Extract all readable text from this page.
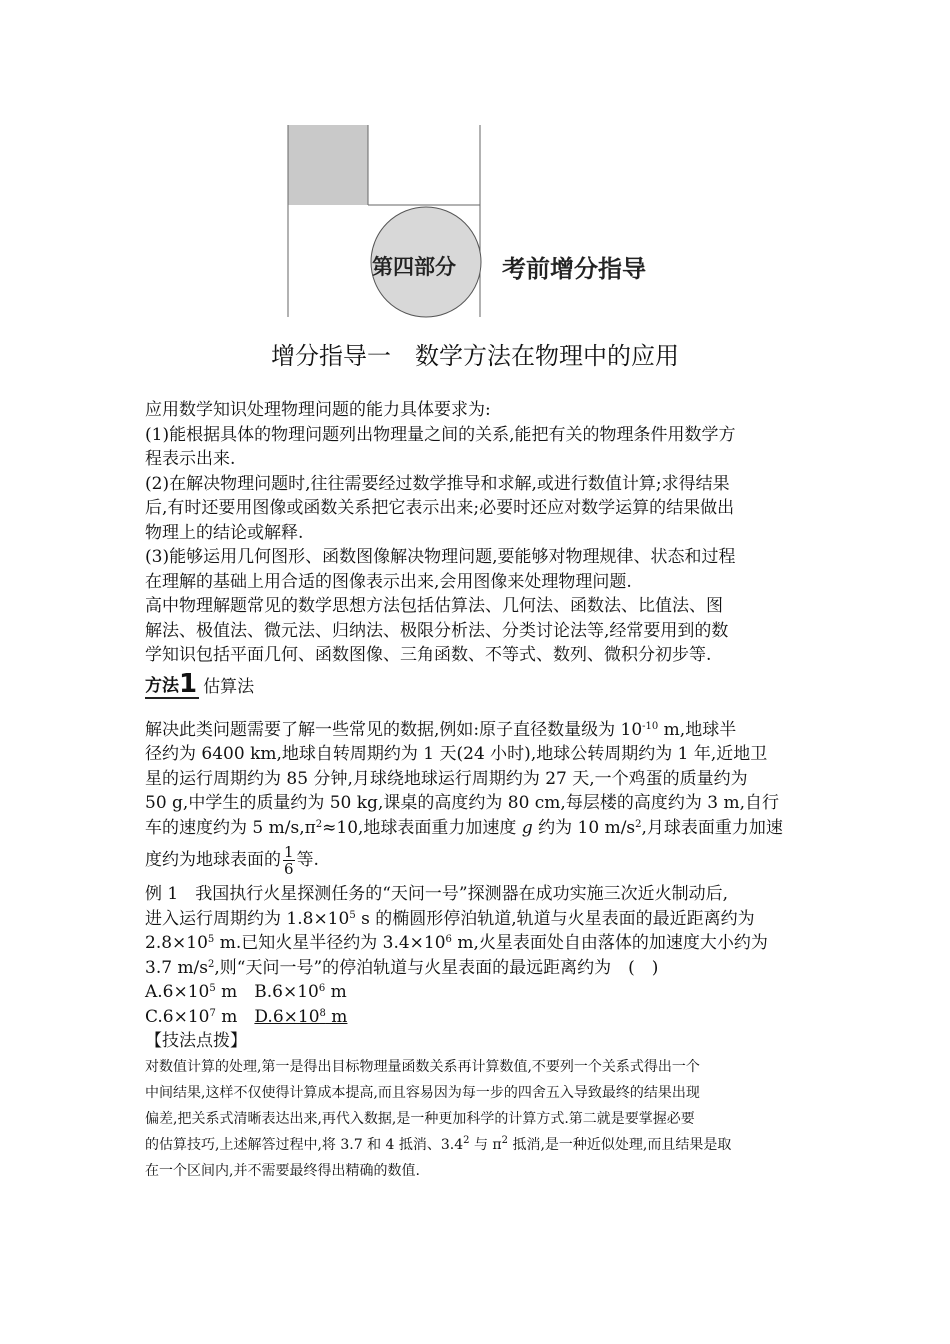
第四部分 考前增分指导
增分指导一　数学方法在物理中的应用

应用数学知识处理物理问题的能力具体要求为:

(1)能根据具体的物理问题列出物理量之间的关系,能把有关的物理条件用数学方

程表示出来.

(2)在解决物理问题时,往往需要经过数学推导和求解,或进行数值计算;求得结果

后,有时还要用图像或函数关系把它表示出来;必要时还应对数学运算的结果做出

物理上的结论或解释.

(3)能够运用几何图形、函数图像解决物理问题,要能够对物理规律、状态和过程

在理解的基础上用合适的图像表示出来,会用图像来处理物理问题.

高中物理解题常见的数学思想方法包括估算法、几何法、函数法、比值法、图

解法、极值法、微元法、归纳法、极限分析法、分类讨论法等,经常要用到的数

学知识包括平面几何、函数图像、三角函数、不等式、数列、微积分初步等.

方法 1 估算法

解决此类问题需要了解一些常见的数据,例如:原子直径数量级为 $10^{-10}$ m,地球半

径约为 6400 km,地球自转周期约为 1 天(24 小时),地球公转周期约为 1 年,近地卫

星的运行周期约为 85 分钟,月球绕地球运行周期约为 27 天,一个鸡蛋的质量约为

50 g,中学生的质量约为 50 kg,课桌的高度约为 80 cm,每层楼的高度约为 3 m,自行

车的速度约为 5 $m/s,\pi^2\approx 10$,地球表面重力加速度 g 约为 10 $m/s^2$,月球表面重力加速

度约为地球表面的 $\frac{1}{6}$ 等.

例 1　我国执行火星探测任务的“天问一号”探测器在成功实施三次近火制动后,

进入运行周期约为 $1.8\times 10^5$ s 的椭圆形停泊轨道,轨道与火星表面的最近距离约为

$2.8\times 10^5$ m.已知火星半径约为 $3.4\times 10^6$ m,火星表面处自由落体的加速度大小约为

3.7 $m/s^2$,则“天问一号”的停泊轨道与火星表面的最远距离约为　(　)

$A.6\times 10^5$ m　 $B.6\times 10^6$ m

$C.6\times 10^7$ m　 $D.6\times 10^8$ m

【技法点拨】

对数值计算的处理,第一是得出目标物理量函数关系再计算数值,不要列一个关系式得出一个

中间结果,这样不仅使得计算成本提高,而且容易因为每一步的四舍五入导致最终的结果出现

偏差,把关系式清晰表达出来,再代入数据,是一种更加科学的计算方式.第二就是要掌握必要

的估算技巧,上述解答过程中,将 3.7 和 4 抵消、$3.4^2$ 与 $\pi^2$ 抵消,是一种近似处理,而且结果是取

在一个区间内,并不需要最终得出精确的数值.
